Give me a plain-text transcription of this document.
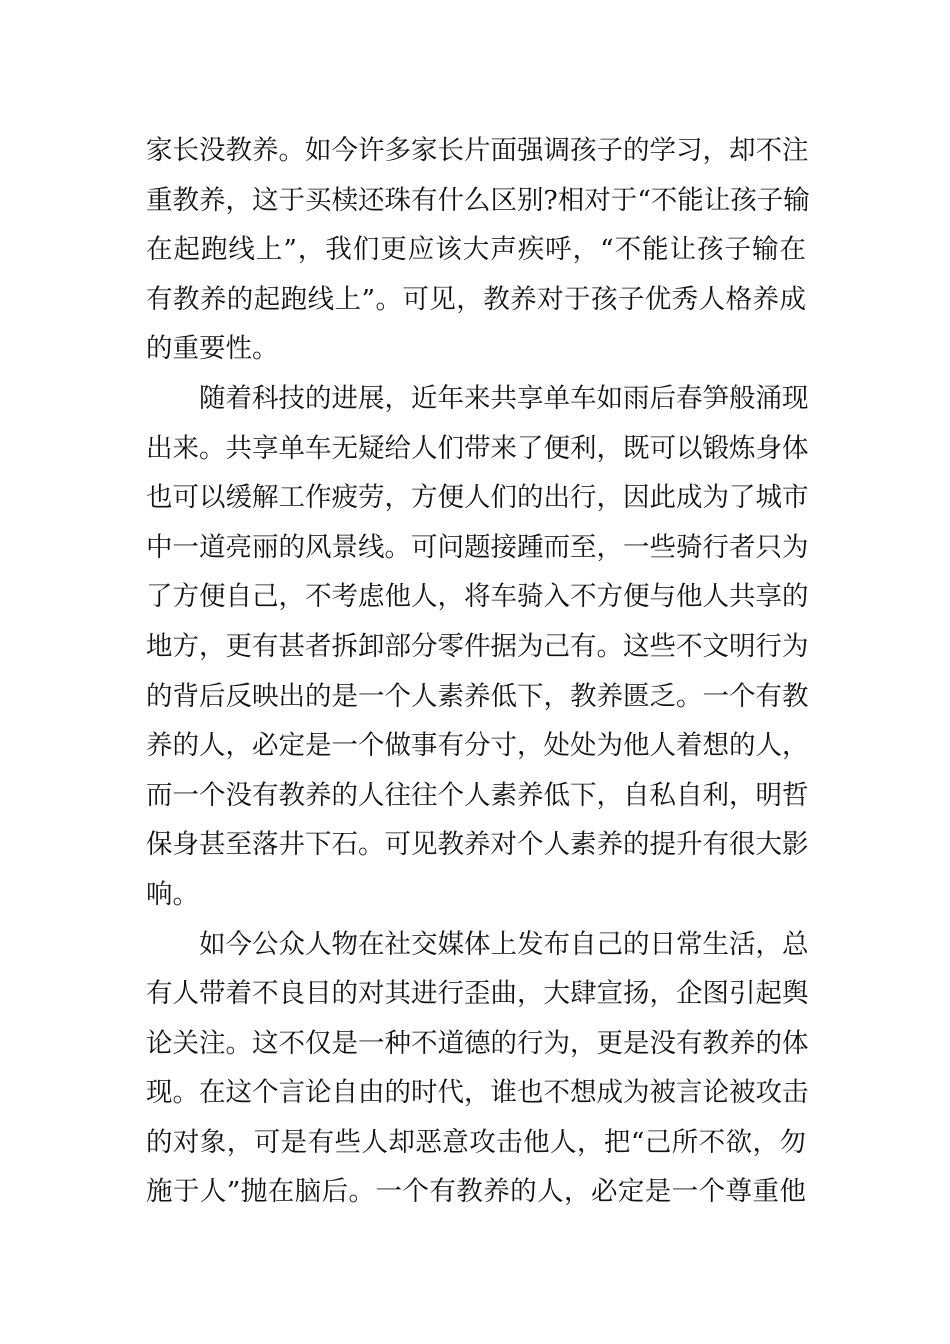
家长没教养。如今许多家长片面强调孩子的学习，却不注
重教养，这于买椟还珠有什么区别?相对于“不能让孩子输
在起跑线上”，我们更应该大声疾呼，“不能让孩子输在
有教养的起跑线上”。可见，教养对于孩子优秀人格养成
的重要性。
随着科技的进展，近年来共享单车如雨后春笋般涌现
出来。共享单车无疑给人们带来了便利，既可以锻炼身体
也可以缓解工作疲劳，方便人们的出行，因此成为了城市
中一道亮丽的风景线。可问题接踵而至，一些骑行者只为
了方便自己，不考虑他人，将车骑入不方便与他人共享的
地方，更有甚者拆卸部分零件据为己有。这些不文明行为
的背后反映出的是一个人素养低下，教养匮乏。一个有教
养的人，必定是一个做事有分寸，处处为他人着想的人，
而一个没有教养的人往往个人素养低下，自私自利，明哲
保身甚至落井下石。可见教养对个人素养的提升有很大影
响。
如今公众人物在社交媒体上发布自己的日常生活，总
有人带着不良目的对其进行歪曲，大肆宣扬，企图引起舆
论关注。这不仅是一种不道德的行为，更是没有教养的体
现。在这个言论自由的时代，谁也不想成为被言论被攻击
的对象，可是有些人却恶意攻击他人，把“己所不欲，勿
施于人”抛在脑后。一个有教养的人，必定是一个尊重他
